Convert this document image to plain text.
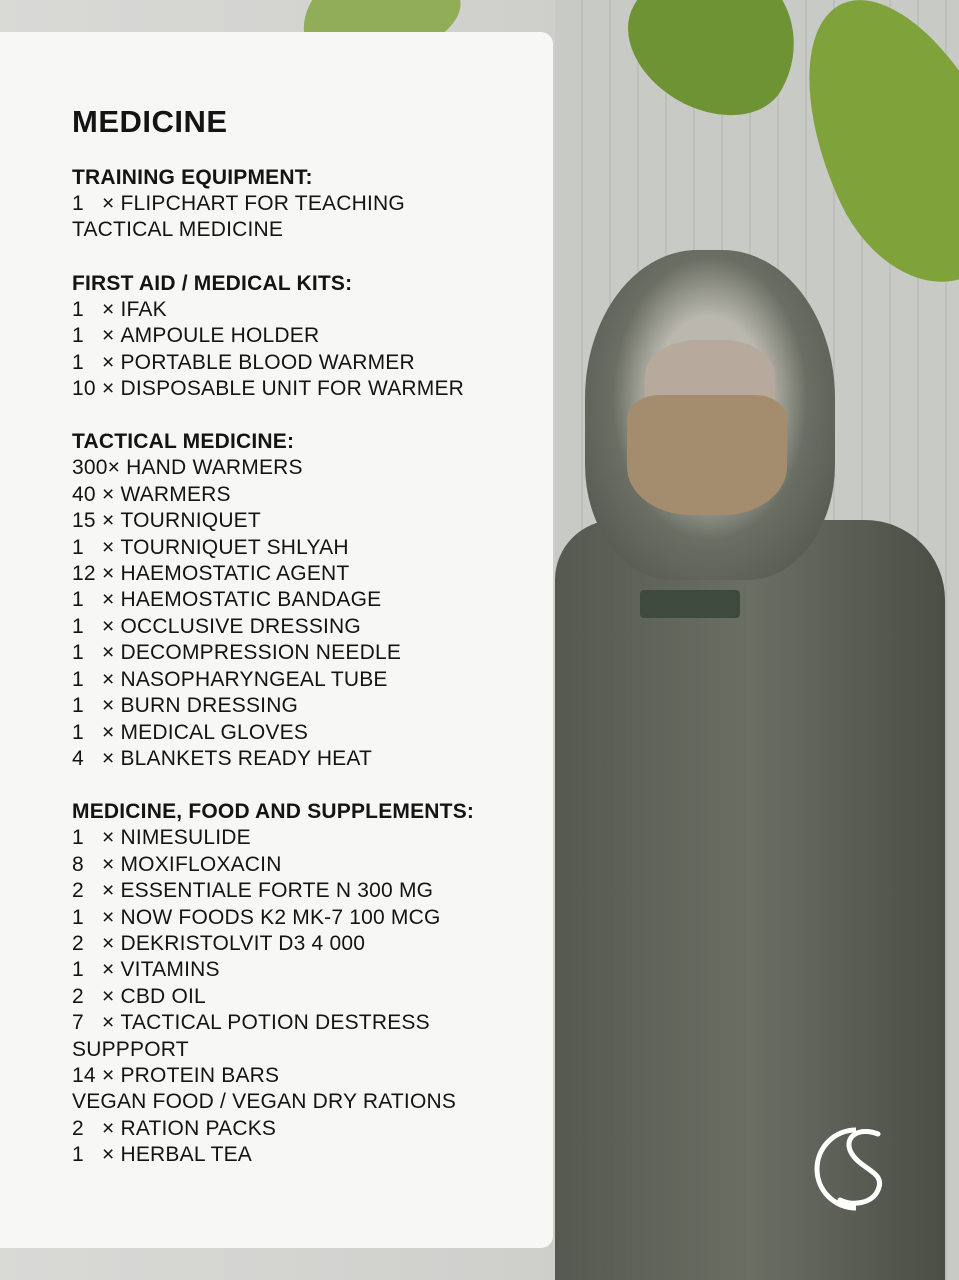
MEDICINE
TRAINING EQUIPMENT:
1 × FLIPCHART FOR TEACHING
TACTICAL MEDICINE
FIRST AID / MEDICAL KITS:
1 × IFAK
1 × AMPOULE HOLDER
1 × PORTABLE BLOOD WARMER
10 × DISPOSABLE UNIT FOR WARMER
TACTICAL MEDICINE:
300× HAND WARMERS
40 × WARMERS
15 × TOURNIQUET
1 × TOURNIQUET SHLYAH
12 × HAEMOSTATIC AGENT
1 × HAEMOSTATIC BANDAGE
1 × OCCLUSIVE DRESSING
1 × DECOMPRESSION NEEDLE
1 × NASOPHARYNGEAL TUBE
1 × BURN DRESSING
1 × MEDICAL GLOVES
4 × BLANKETS READY HEAT
MEDICINE, FOOD AND SUPPLEMENTS:
1 × NIMESULIDE
8 × MOXIFLOXACIN
2 × ESSENTIALE FORTE N 300 MG
1 × NOW FOODS K2 MK-7 100 MCG
2 × DEKRISTOLVIT D3 4 000
1 × VITAMINS
2 × CBD OIL
7 × TACTICAL POTION DESTRESS
SUPPPORT
14 × PROTEIN BARS
VEGAN FOOD / VEGAN DRY RATIONS
2 × RATION PACKS
1 × HERBAL TEA
